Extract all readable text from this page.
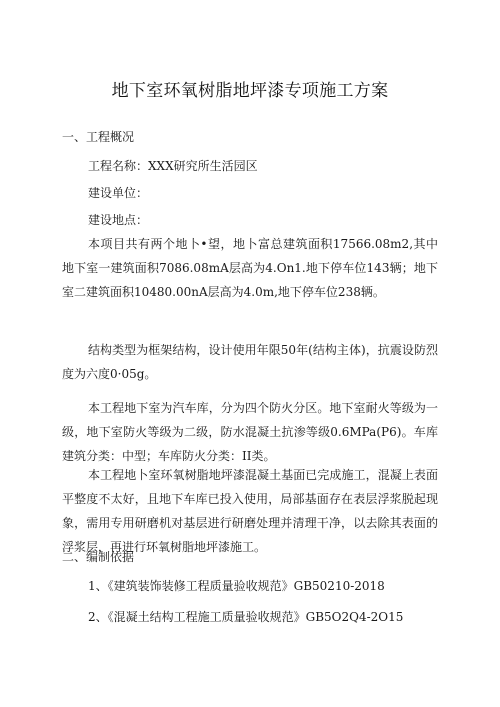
地下室环氧树脂地坪漆专项施工方案
一、工程概况
工程名称：XXX研究所生活园区
建设单位：
建设地点：
本项目共有两个地卜•望，地卜富总建筑面积17566.08m2,其中地下室一建筑面积7086.08mA层高为4.On1.地下停车位143辆；地下室二建筑面积10480.00nA层高为4.0m,地下停车位238辆。
结构类型为框架结构，设计使用年限50年(结构主体)，抗震设防烈度为六度0·05g。
本工程地下室为汽车库，分为四个防火分区。地下室耐火等级为一级，地下室防火等级为二级，防水混凝土抗渗等级0.6MPa(P6)。车库建筑分类：中型；车库防火分类：II类。
本工程地卜室环氧树脂地坪漆混凝土基面已完成施工，混凝上表面平整度不太好，且地下车库已投入使用，局部基面存在表层浮浆脱起现象，需用专用研磨机对基层进行研磨处理并清理干净，以去除其表面的浮浆层，再进行环氧树脂地坪漆施工。
二、编制依据
1、《建筑装饰装修工程质量验收规范》GB50210-2018
2、《混凝土结构工程施工质量验收规范》GB5O2Q4-2O15
